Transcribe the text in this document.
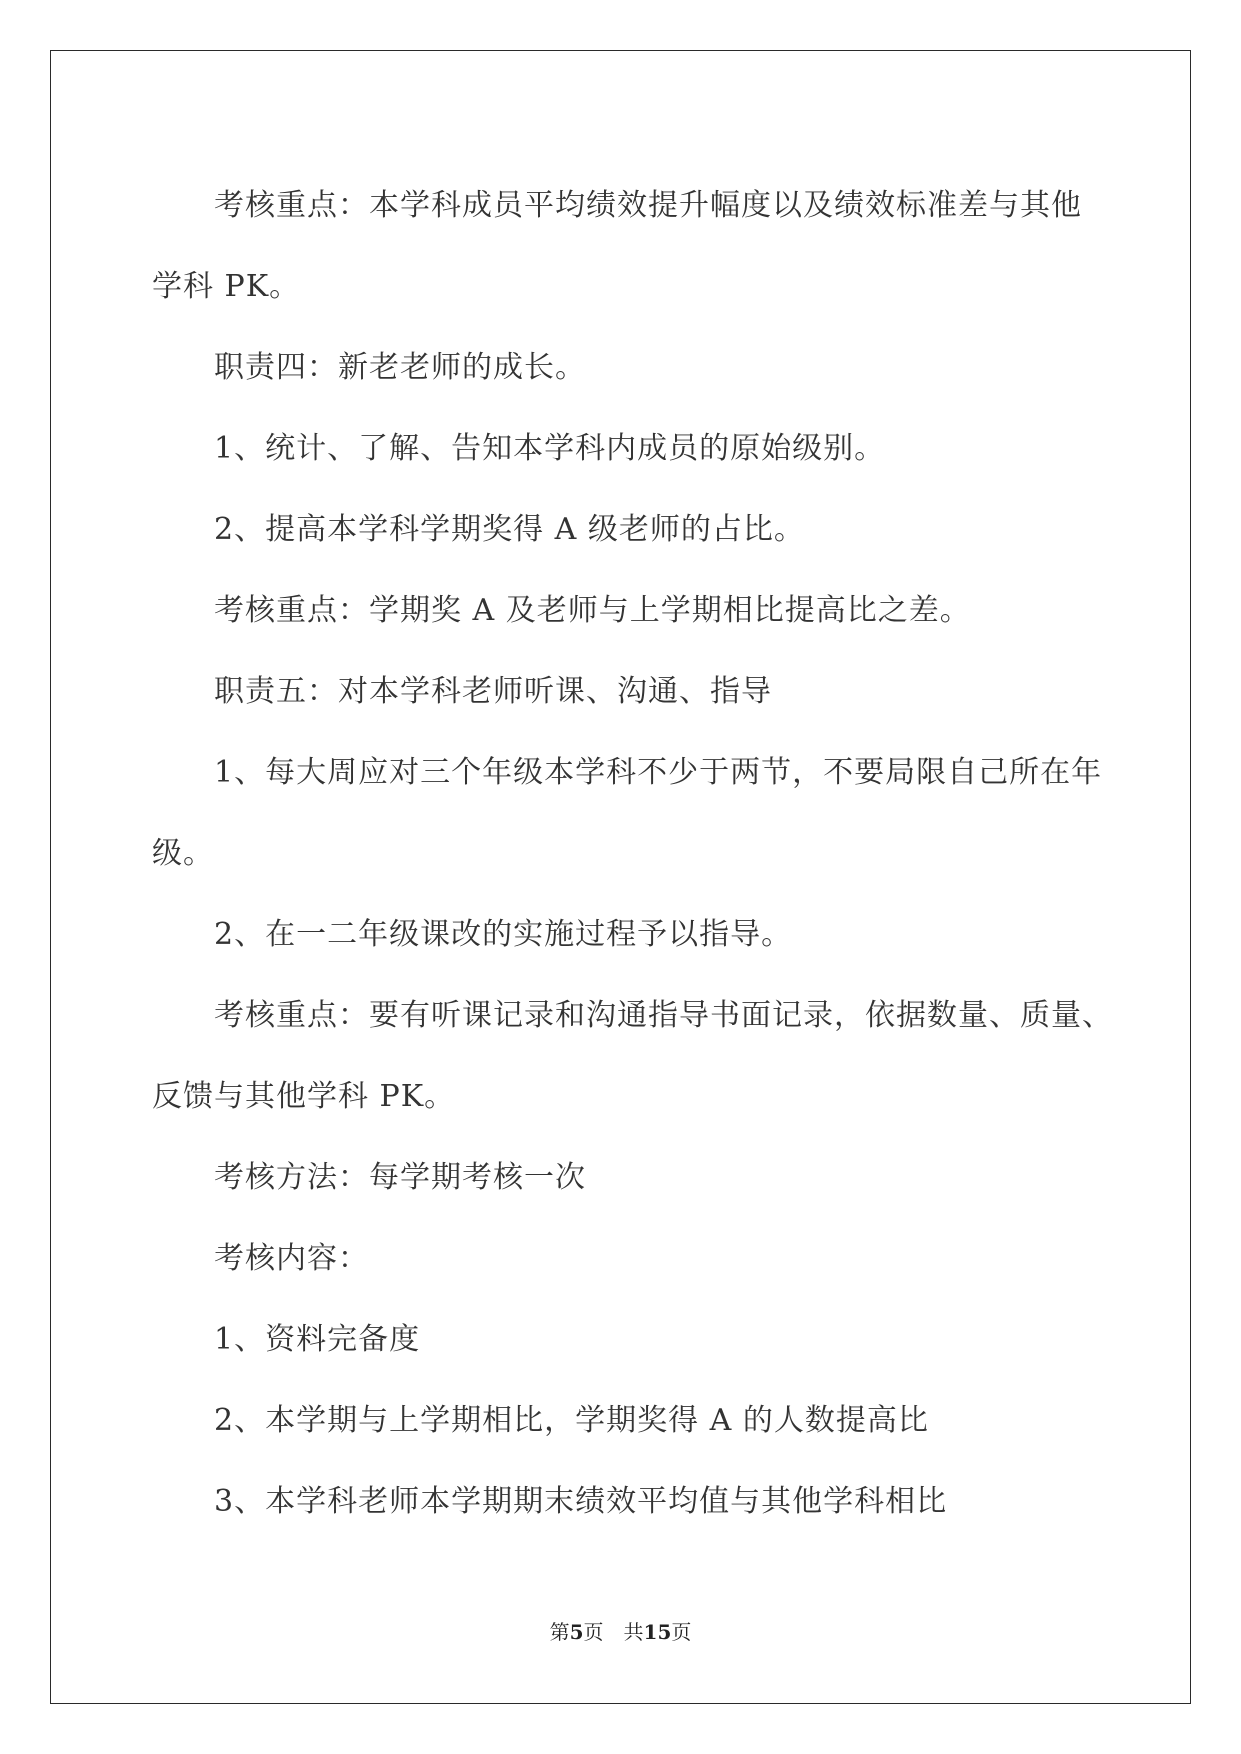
考核重点：本学科成员平均绩效提升幅度以及绩效标准差与其他

学科 PK。

职责四：新老老师的成长。

1、统计、了解、告知本学科内成员的原始级别。

2、提高本学科学期奖得 A 级老师的占比。

考核重点：学期奖 A 及老师与上学期相比提高比之差。

职责五：对本学科老师听课、沟通、指导

1、每大周应对三个年级本学科不少于两节，不要局限自己所在年

级。

2、在一二年级课改的实施过程予以指导。

考核重点：要有听课记录和沟通指导书面记录，依据数量、质量、

反馈与其他学科 PK。

考核方法：每学期考核一次

考核内容：

1、资料完备度

2、本学期与上学期相比，学期奖得 A 的人数提高比

3、本学科老师本学期期末绩效平均值与其他学科相比

第5页 共15页
